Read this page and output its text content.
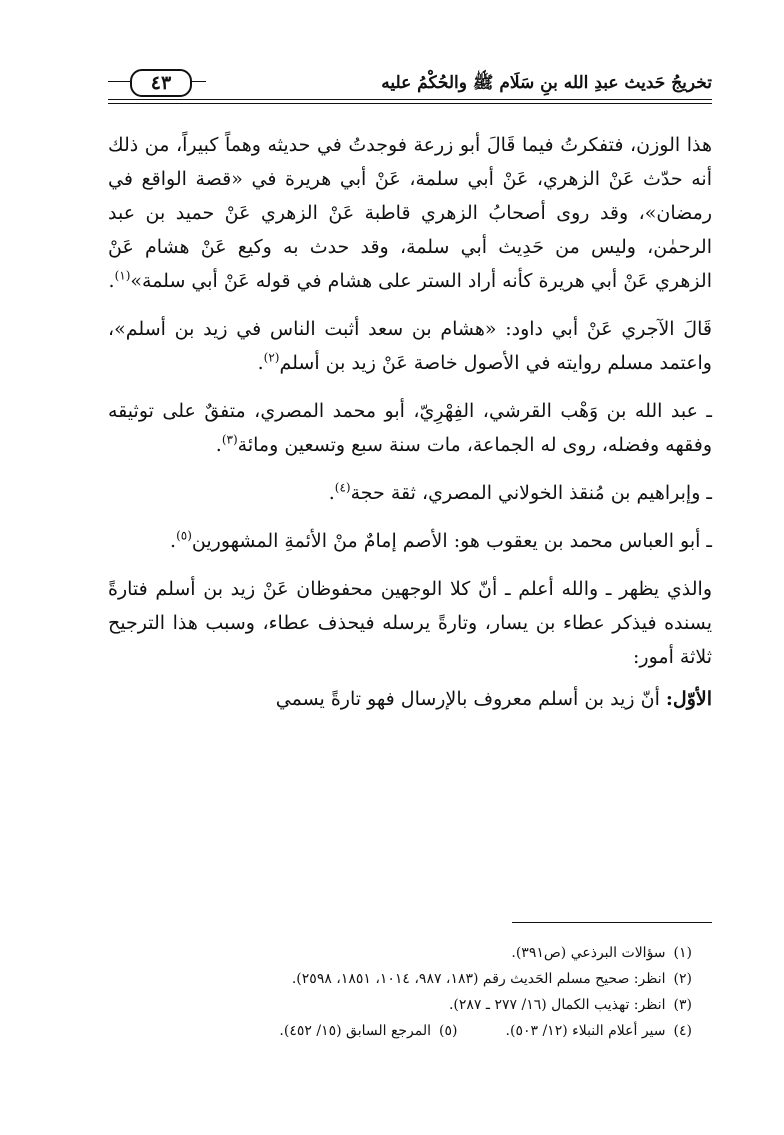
تخريجُ حَديث عبدِ الله بنِ سَلَام ﷺ والحُكْمُ عليه
٤٣

هذا الوزن، فتفكرتُ فيما قَالَ أبو زرعة فوجدتُ في حديثه وهماً كبيراً، من ذلك أنه حدّث عَنْ الزهري، عَنْ أبي سلمة، عَنْ أبي هريرة في «قصة الواقع في رمضان»، وقد روى أصحابُ الزهري قاطبة عَنْ الزهري عَنْ حميد بن عبد الرحمٰن، وليس من حَدِيث أبي سلمة، وقد حدث به وكيع عَنْ هشام عَنْ الزهري عَنْ أبي هريرة كأنه أراد الستر على هشام في قوله عَنْ أبي سلمة»$^{(١)}$.

قَالَ الآجري عَنْ أبي داود: «هشام بن سعد أثبت الناس في زيد بن أسلم»، واعتمد مسلم روايته في الأصول خاصة عَنْ زيد بن أسلم$^{(٢)}$.

ـ عبد الله بن وَهْب القرشي، الفِهْرِيّ، أبو محمد المصري، متفقٌ على توثيقه وفقهه وفضله، روى له الجماعة، مات سنة سبع وتسعين ومائة$^{(٣)}$.

ـ وإبراهيم بن مُنقذ الخولاني المصري، ثقة حجة$^{(٤)}$.

ـ أبو العباس محمد بن يعقوب هو: الأصم إمامٌ منْ الأئمةِ المشهورين$^{(٥)}$.

والذي يظهر ـ والله أعلم ـ أنّ كلا الوجهين محفوظان عَنْ زيد بن أسلم فتارةً يسنده فيذكر عطاء بن يسار، وتارةً يرسله فيحذف عطاء، وسبب هذا الترجيح ثلاثة أمور:

الأوّل: أنّ زيد بن أسلم معروف بالإرسال فهو تارةً يسمي

(١)سؤالات البرذعي (ص٣٩١).
(٢)انظر: صحيح مسلم الحَديث رقم (١٨٣، ٩٨٧، ١٠١٤، ١٨٥١، ٢٥٩٨).
(٣)انظر: تهذيب الكمال (١٦/ ٢٧٧ ـ ٢٨٧).
(٤)سير أعلام النبلاء (١٢/ ٥٠٣).
(٥)المرجع السابق (١٥/ ٤٥٢).
